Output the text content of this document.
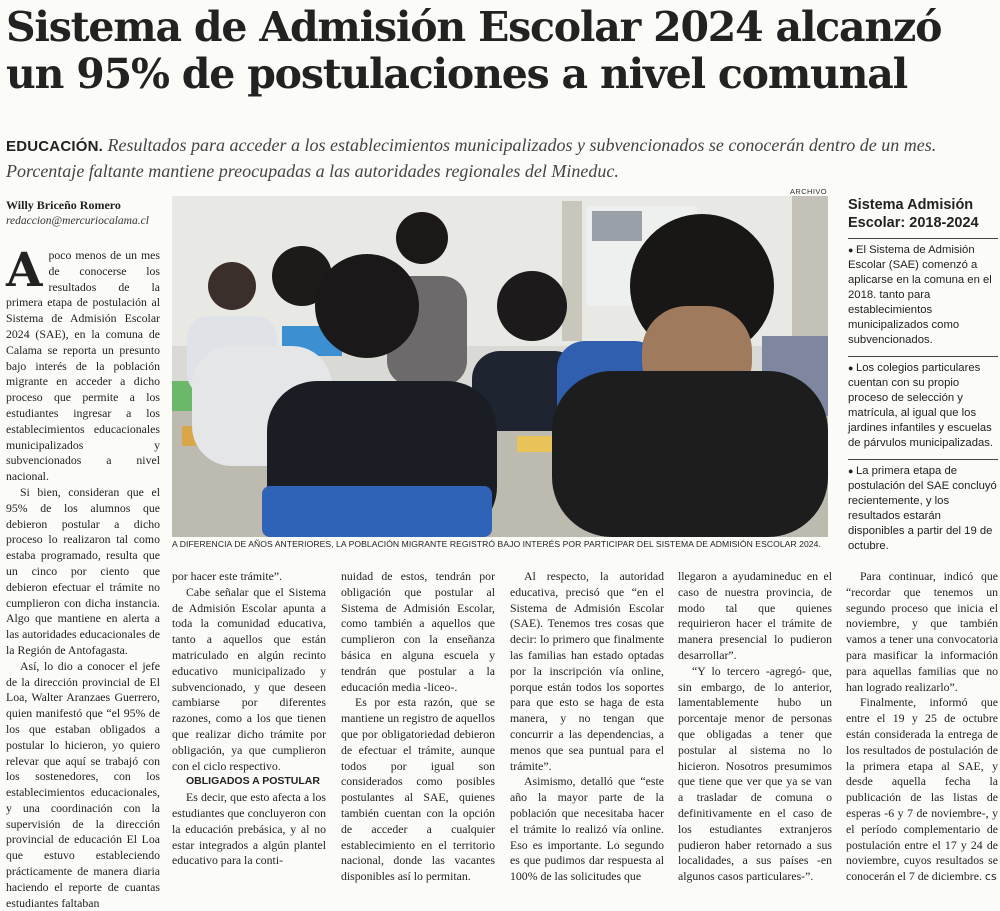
Sistema de Admisión Escolar 2024 alcanzó
un 95% de postulaciones a nivel comunal

EDUCACIÓN. Resultados para acceder a los establecimientos municipalizados y subvencionados se conocerán dentro de un mes. Porcentaje faltante mantiene preocupadas a las autoridades regionales del Mineduc.

Willy Briceño Romero
redaccion@mercuriocalama.cl
ARCHIVO
A DIFERENCIA DE AÑOS ANTERIORES, LA POBLACIÓN MIGRANTE REGISTRÓ BAJO INTERÉS POR PARTICIPAR DEL SISTEMA DE ADMISIÓN ESCOLAR 2024.

Apoco menos de un mes de conocerse los resultados de la primera etapa de postulación al Sistema de Admisión Escolar 2024 (SAE), en la comuna de Calama se reporta un presunto bajo interés de la población migrante en acceder a dicho proceso que permite a los estudiantes ingresar a los establecimientos educacionales municipalizados y subvencionados a nivel nacional.

Si bien, consideran que el 95% de los alumnos que debieron postular a dicho proceso lo realizaron tal como estaba programado, resulta que un cinco por ciento que debieron efectuar el trámite no cumplieron con dicha instancia. Algo que mantiene en alerta a las autoridades educacionales de la Región de Antofagasta.

Así, lo dio a conocer el jefe de la dirección provincial de El Loa, Walter Aranzaes Guerrero, quien manifestó que “el 95% de los que estaban obligados a postular lo hicieron, yo quiero relevar que aquí se trabajó con los sostenedores, con los establecimientos educacionales, y una coordinación con la supervisión de la dirección provincial de educación El Loa que estuvo estableciendo prácticamente de manera diaria haciendo el reporte de cuantas estudiantes faltaban

por hacer este trámite”.

Cabe señalar que el Sistema de Admisión Escolar apunta a toda la comunidad educativa, tanto a aquellos que están matriculado en algún recinto educativo municipalizado y subvencionado, y que deseen cambiarse por diferentes razones, como a los que tienen que realizar dicho trámite por obligación, ya que cumplieron con el ciclo respectivo.

OBLIGADOS A POSTULAR

Es decir, que esto afecta a los estudiantes que concluyeron con la educación prebásica, y al no estar integrados a algún plantel educativo para la conti-

nuidad de estos, tendrán por obligación que postular al Sistema de Admisión Escolar, como también a aquellos que cumplieron con la enseñanza básica en alguna escuela y tendrán que postular a la educación media -liceo-.

Es por esta razón, que se mantiene un registro de aquellos que por obligatoriedad debieron de efectuar el trámite, aunque todos por igual son considerados como posibles postulantes al SAE, quienes también cuentan con la opción de acceder a cualquier establecimiento en el territorio nacional, donde las vacantes disponibles así lo permitan.

Al respecto, la autoridad educativa, precisó que “en el Sistema de Admisión Escolar (SAE). Tenemos tres cosas que decir: lo primero que finalmente las familias han estado optadas por la inscripción vía online, porque están todos los soportes para que esto se haga de esta manera, y no tengan que concurrir a las dependencias, a menos que sea puntual para el trámite”.

Asimismo, detalló que “este año la mayor parte de la población que necesitaba hacer el trámite lo realizó vía online. Eso es importante. Lo segundo es que pudimos dar respuesta al 100% de las solicitudes que

llegaron a ayudamineduc en el caso de nuestra provincia, de modo tal que quienes requirieron hacer el trámite de manera presencial lo pudieron desarrollar”.

“Y lo tercero -agregó- que, sin embargo, de lo anterior, lamentablemente hubo un porcentaje menor de personas que obligadas a tener que postular al sistema no lo hicieron. Nosotros presumimos que tiene que ver que ya se van a trasladar de comuna o definitivamente en el caso de los estudiantes extranjeros pudieron haber retornado a sus localidades, a sus países -en algunos casos particulares-”.

Para continuar, indicó que “recordar que tenemos un segundo proceso que inicia el noviembre, y que también vamos a tener una convocatoria para masificar la información para aquellas familias que no han logrado realizarlo”.

Finalmente, informó que entre el 19 y 25 de octubre están considerada la entrega de los resultados de postulación de la primera etapa al SAE, y desde aquella fecha la publicación de las listas de esperas -6 y 7 de noviembre-, y el período complementario de postulación entre el 17 y 24 de noviembre, cuyos resultados se conocerán el 7 de diciembre. cs

Sistema Admisión Escolar: 2018-2024
● El Sistema de Admisión Escolar (SAE) comenzó a aplicarse en la comuna en el 2018. tanto para establecimientos municipalizados como subvencionados.
● Los colegios particulares cuentan con su propio proceso de selección y matrícula, al igual que los jardines infantiles y escuelas de párvulos municipalizadas.
● La primera etapa de postulación del SAE concluyó recientemente, y los resultados estarán disponibles a partir del 19 de octubre.
